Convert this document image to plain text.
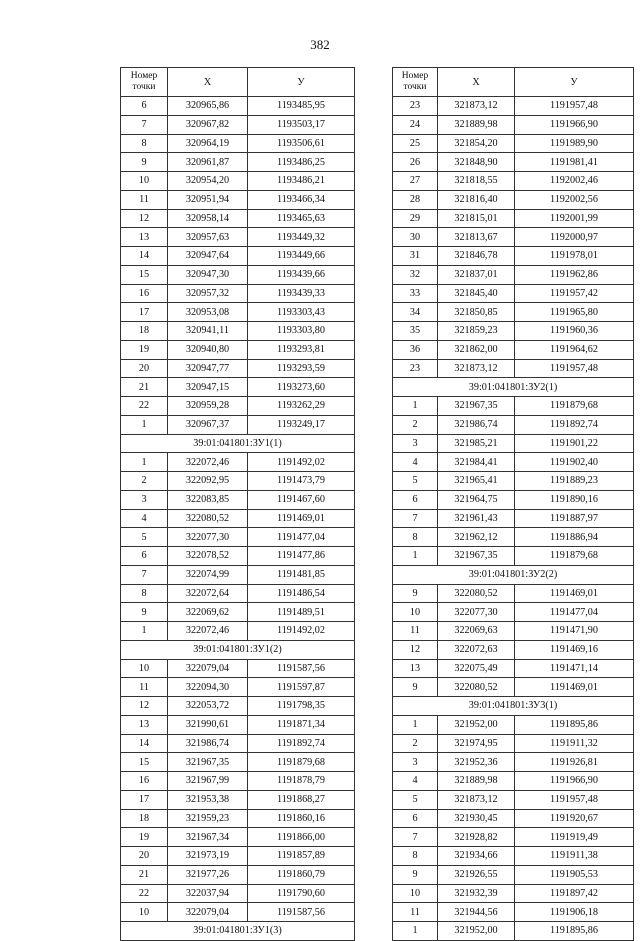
382
Номер точки	Х	У
6	320965,86	1193485,95
7	320967,82	1193503,17
8	320964,19	1193506,61
9	320961,87	1193486,25
10	320954,20	1193486,21
11	320951,94	1193466,34
12	320958,14	1193465,63
13	320957,63	1193449,32
14	320947,64	1193449,66
15	320947,30	1193439,66
16	320957,32	1193439,33
17	320953,08	1193303,43
18	320941,11	1193303,80
19	320940,80	1193293,81
20	320947,77	1193293,59
21	320947,15	1193273,60
22	320959,28	1193262,29
1	320967,37	1193249,17
39:01:041801:ЗУ1(1)		
1	322072,46	1191492,02
2	322092,95	1191473,79
3	322083,85	1191467,60
4	322080,52	1191469,01
5	322077,30	1191477,04
6	322078,52	1191477,86
7	322074,99	1191481,85
8	322072,64	1191486,54
9	322069,62	1191489,51
1	322072,46	1191492,02
39:01:041801:ЗУ1(2)		
10	322079,04	1191587,56
11	322094,30	1191597,87
12	322053,72	1191798,35
13	321990,61	1191871,34
14	321986,74	1191892,74
15	321967,35	1191879,68
16	321967,99	1191878,79
17	321953,38	1191868,27
18	321959,23	1191860,16
19	321967,34	1191866,00
20	321973,19	1191857,89
21	321977,26	1191860,79
22	322037,94	1191790,60
10	322079,04	1191587,56
39:01:041801:ЗУ1(3)		
Номер точки	Х	У
23	321873,12	1191957,48
24	321889,98	1191966,90
25	321854,20	1191989,90
26	321848,90	1191981,41
27	321818,55	1192002,46
28	321816,40	1192002,56
29	321815,01	1192001,99
30	321813,67	1192000,97
31	321846,78	1191978,01
32	321837,01	1191962,86
33	321845,40	1191957,42
34	321850,85	1191965,80
35	321859,23	1191960,36
36	321862,00	1191964,62
23	321873,12	1191957,48
39:01:041801:ЗУ2(1)		
1	321967,35	1191879,68
2	321986,74	1191892,74
3	321985,21	1191901,22
4	321984,41	1191902,40
5	321965,41	1191889,23
6	321964,75	1191890,16
7	321961,43	1191887,97
8	321962,12	1191886,94
1	321967,35	1191879,68
39:01:041801:ЗУ2(2)		
9	322080,52	1191469,01
10	322077,30	1191477,04
11	322069,63	1191471,90
12	322072,63	1191469,16
13	322075,49	1191471,14
9	322080,52	1191469,01
39:01:041801:ЗУ3(1)		
1	321952,00	1191895,86
2	321974,95	1191911,32
3	321952,36	1191926,81
4	321889,98	1191966,90
5	321873,12	1191957,48
6	321930,45	1191920,67
7	321928,82	1191919,49
8	321934,66	1191911,38
9	321926,55	1191905,53
10	321932,39	1191897,42
11	321944,56	1191906,18
1	321952,00	1191895,86
